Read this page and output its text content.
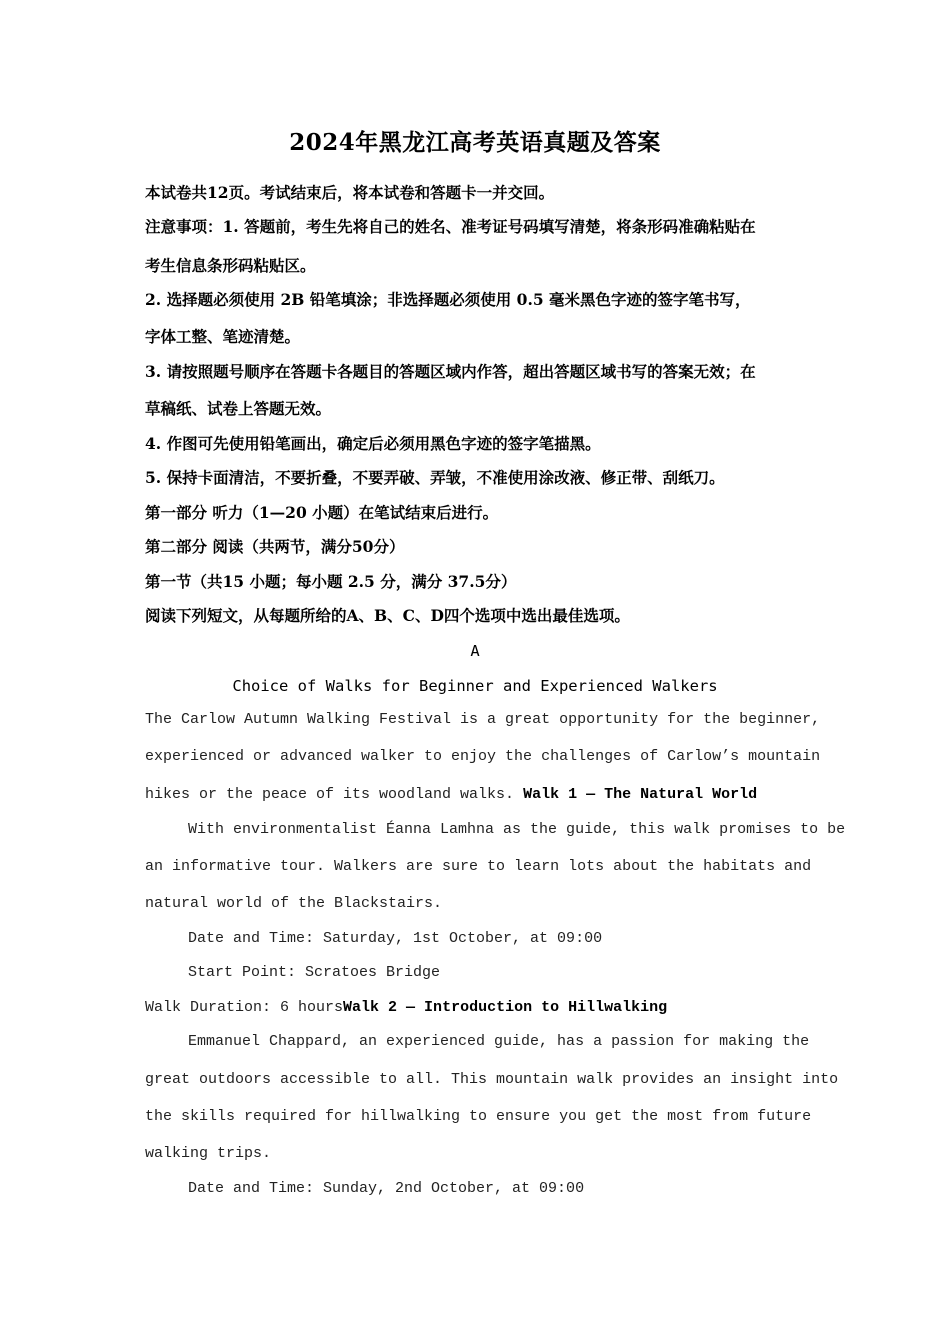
2024年黑龙江高考英语真题及答案
本试卷共12页。考试结束后，将本试卷和答题卡一并交回。
注意事项：1. 答题前，考生先将自己的姓名、准考证号码填写清楚，将条形码准确粘贴在
考生信息条形码粘贴区。
2. 选择题必须使用 2B 铅笔填涂；非选择题必须使用 0.5 毫米黑色字迹的签字笔书写，
字体工整、笔迹清楚。
3. 请按照题号顺序在答题卡各题目的答题区域内作答，超出答题区域书写的答案无效；在
草稿纸、试卷上答题无效。
4. 作图可先使用铅笔画出，确定后必须用黑色字迹的签字笔描黑。
5. 保持卡面清洁，不要折叠，不要弄破、弄皱，不准使用涂改液、修正带、刮纸刀。
第一部分 听力（1—20 小题）在笔试结束后进行。
第二部分 阅读（共两节，满分50分）
第一节（共15 小题；每小题 2.5 分，满分 37.5分）
阅读下列短文，从每题所给的A、B、C、D四个选项中选出最佳选项。
A
Choice of Walks for Beginner and Experienced Walkers
The Carlow Autumn Walking Festival is a great opportunity for the beginner,
experienced or advanced walker to enjoy the challenges of Carlow’s mountain
hikes or the peace of its woodland walks. Walk 1 — The Natural World
With environmentalist Éanna Lamhna as the guide, this walk promises to be
an informative tour. Walkers are sure to learn lots about the habitats and
natural world of the Blackstairs.
Date and Time: Saturday, 1st October, at 09:00
Start Point: Scratoes Bridge
Walk Duration: 6 hoursWalk 2 — Introduction to Hillwalking
Emmanuel Chappard, an experienced guide, has a passion for making the
great outdoors accessible to all. This mountain walk provides an insight into
the skills required for hillwalking to ensure you get the most from future
walking trips.
Date and Time: Sunday, 2nd October, at 09:00
